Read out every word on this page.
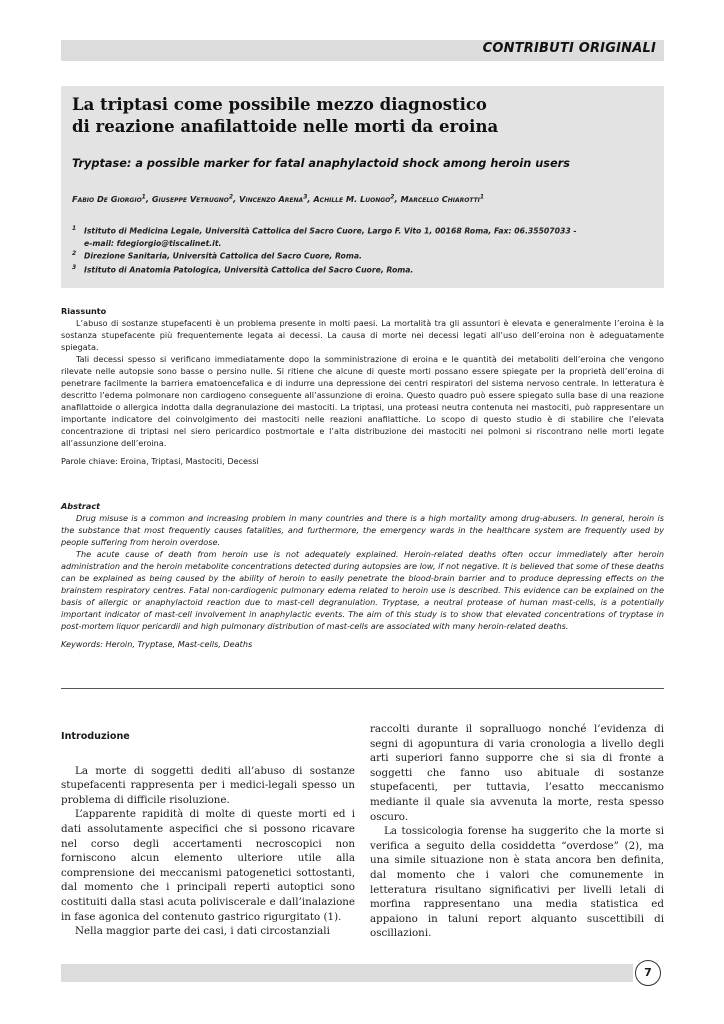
CONTRIBUTI ORIGINALI
La triptasi come possibile mezzo diagnostico
di reazione anafilattoide nelle morti da eroina
Tryptase: a possible marker for fatal anaphylactoid shock among heroin users
Fabio De Giorgio$^1$, Giuseppe Vetrugno$^2$, Vincenzo Arena$^3$, Achille M. Luongo$^2$, Marcello Chiarotti$^1$
$^1$ Istituto di Medicina Legale, Università Cattolica del Sacro Cuore, Largo F. Vito 1, 00168 Roma, Fax: 06.35507033 -
e-mail: fdegiorgio@tiscalinet.it.
$^2$ Direzione Sanitaria, Università Cattolica del Sacro Cuore, Roma.
$^3$ Istituto di Anatomia Patologica, Università Cattolica del Sacro Cuore, Roma.
Riassunto
L’abuso di sostanze stupefacenti è un problema presente in molti paesi. La mortalità tra gli assuntori è elevata e generalmente l’eroina è la sostanza stupefacente più frequentemente legata ai decessi. La causa di morte nei decessi legati all’uso dell’eroina non è adeguatamente spiegata.
Tali decessi spesso si verificano immediatamente dopo la somministrazione di eroina e le quantità dei metaboliti dell’eroina che vengono rilevate nelle autopsie sono basse o persino nulle. Si ritiene che alcune di queste morti possano essere spiegate per la proprietà dell’eroina di penetrare facilmente la barriera ematoencefalica e di indurre una depressione dei centri respiratori del sistema nervoso centrale. In letteratura è descritto l’edema polmonare non cardiogeno conseguente all’assunzione di eroina. Questo quadro può essere spiegato sulla base di una reazione anafilattoide o allergica indotta dalla degranulazione dei mastociti. La triptasi, una proteasi neutra contenuta nei mastociti, può rappresentare un importante indicatore del coinvolgimento dei mastociti nelle reazioni anafilattiche. Lo scopo di questo studio è di stabilire che l’elevata concentrazione di triptasi nel siero pericardico postmortale e l’alta distribuzione dei mastociti nei polmoni si riscontrano nelle morti legate all’assunzione dell’eroina.
Parole chiave: Eroina, Triptasi, Mastociti, Decessi
Abstract
Drug misuse is a common and increasing problem in many countries and there is a high mortality among drug-abusers. In general, heroin is the substance that most frequently causes fatalities, and furthermore, the emergency wards in the healthcare system are frequently used by people suffering from heroin overdose.
The acute cause of death from heroin use is not adequately explained. Heroin-related deaths often occur immediately after heroin administration and the heroin metabolite concentrations detected during autopsies are low, if not negative. It is believed that some of these deaths can be explained as being caused by the ability of heroin to easily penetrate the blood-brain barrier and to produce depressing effects on the brainstem respiratory centres. Fatal non-cardiogenic pulmonary edema related to heroin use is described. This evidence can be explained on the basis of allergic or anaphylactoid reaction due to mast-cell degranulation. Tryptase, a neutral protease of human mast-cells, is a potentially important indicator of mast-cell involvement in anaphylactic events. The aim of this study is to show that elevated concentrations of tryptase in post-mortem liquor pericardii and high pulmonary distribution of mast-cells are associated with many heroin-related deaths.
Keywords: Heroin, Tryptase, Mast-cells, Deaths
Introduzione
La morte di soggetti dediti all’abuso di sostanze stupefacenti rappresenta per i medici-legali spesso un problema di difficile risoluzione.
L’apparente rapidità di molte di queste morti ed i dati assolutamente aspecifici che si possono ricavare nel corso degli accertamenti necroscopici non forniscono alcun elemento ulteriore utile alla comprensione dei meccanismi patogenetici sottostanti, dal momento che i principali reperti autoptici sono costituiti dalla stasi acuta poliviscerale e dall’inalazione in fase agonica del contenuto gastrico rigurgitato (1).
Nella maggior parte dei casi, i dati circostanziali
raccolti durante il sopralluogo nonché l’evidenza di segni di agopuntura di varia cronologia a livello degli arti superiori fanno supporre che si sia di fronte a soggetti che fanno uso abituale di sostanze stupefacenti, per tuttavia, l’esatto meccanismo mediante il quale sia avvenuta la morte, resta spesso oscuro.
La tossicologia forense ha suggerito che la morte si verifica a seguito della cosiddetta “overdose” (2), ma una simile situazione non è stata ancora ben definita, dal momento che i valori che comunemente in letteratura risultano significativi per livelli letali di morfina rappresentano una media statistica ed appaiono in taluni report alquanto suscettibili di oscillazioni.
7
